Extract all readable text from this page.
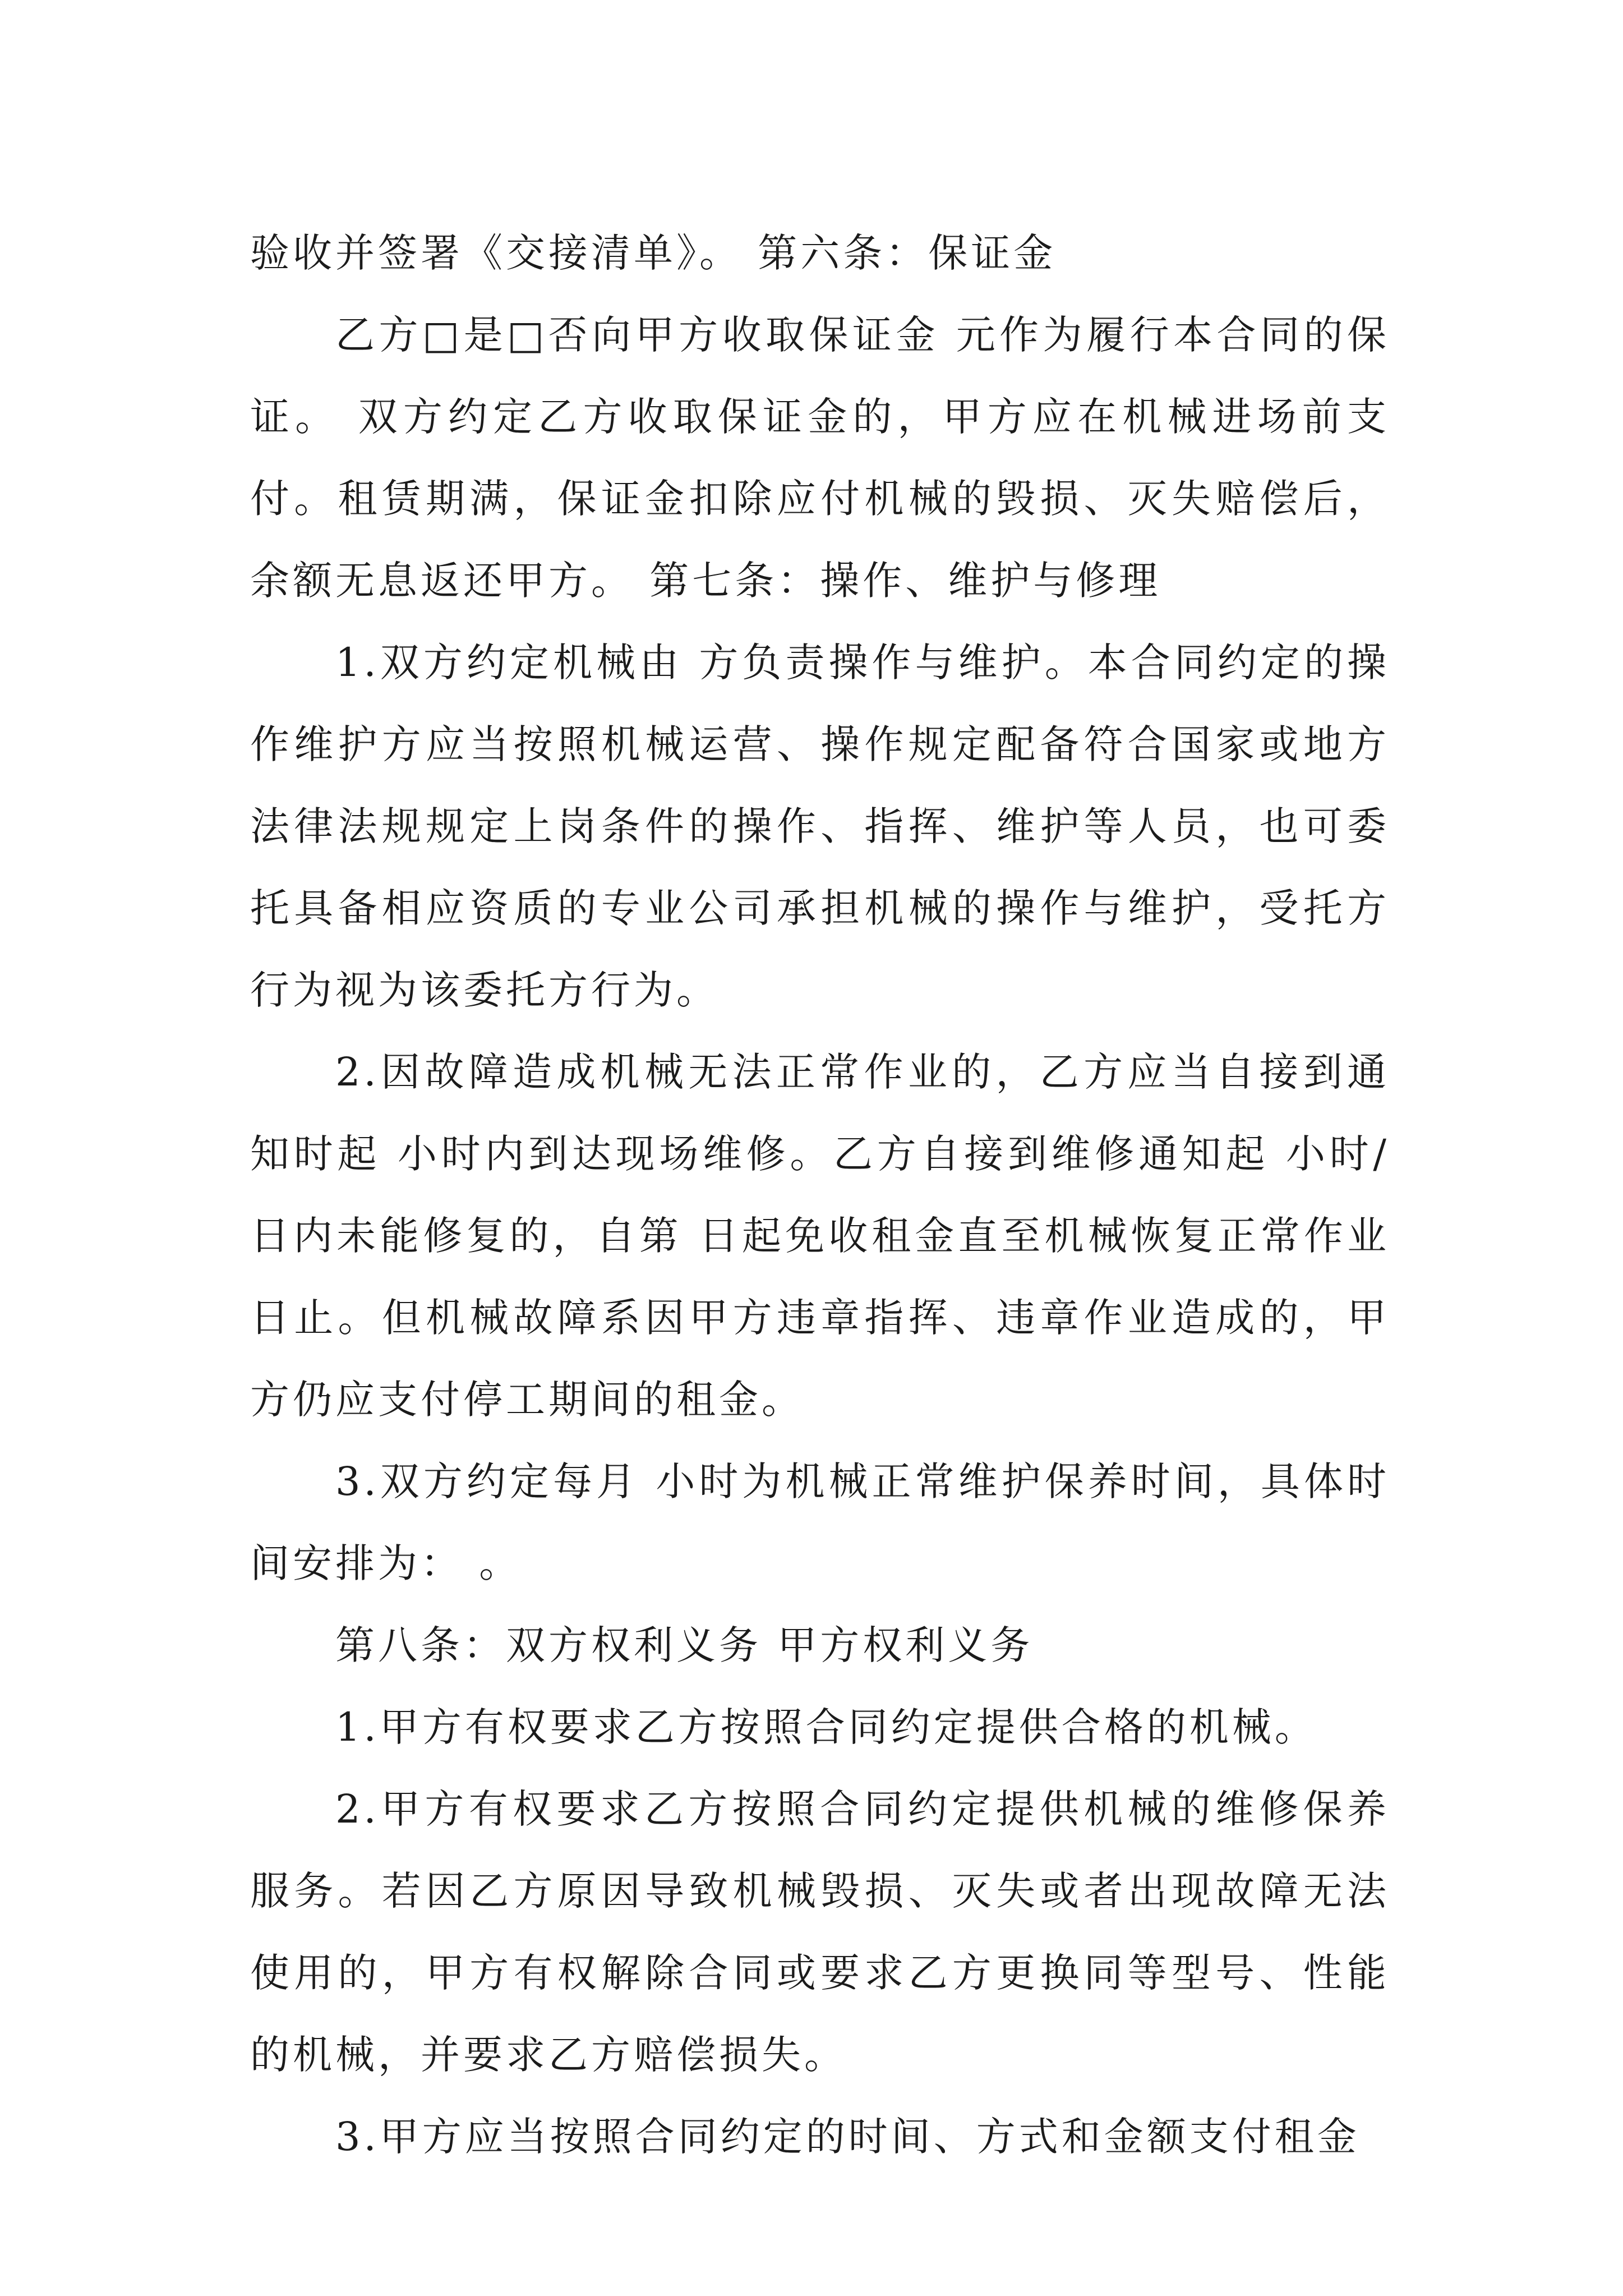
验收并签署《交接清单》。 第六条：保证金

乙方□是□否向甲方收取保证金 元作为履行本合同的保证。 双方约定乙方收取保证金的，甲方应在机械进场前支付。租赁期满，保证金扣除应付机械的毁损、灭失赔偿后，余额无息返还甲方。 第七条：操作、维护与修理

1.双方约定机械由 方负责操作与维护。本合同约定的操作维护方应当按照机械运营、操作规定配备符合国家或地方法律法规规定上岗条件的操作、指挥、维护等人员，也可委托具备相应资质的专业公司承担机械的操作与维护，受托方行为视为该委托方行为。

2.因故障造成机械无法正常作业的，乙方应当自接到通知时起 小时内到达现场维修。乙方自接到维修通知起 小时/日内未能修复的，自第 日起免收租金直至机械恢复正常作业日止。但机械故障系因甲方违章指挥、违章作业造成的，甲方仍应支付停工期间的租金。

3.双方约定每月 小时为机械正常维护保养时间，具体时间安排为： 。

第八条：双方权利义务 甲方权利义务

1.甲方有权要求乙方按照合同约定提供合格的机械。

2.甲方有权要求乙方按照合同约定提供机械的维修保养服务。若因乙方原因导致机械毁损、灭失或者出现故障无法使用的，甲方有权解除合同或要求乙方更换同等型号、性能的机械，并要求乙方赔偿损失。

3.甲方应当按照合同约定的时间、方式和金额支付租金
